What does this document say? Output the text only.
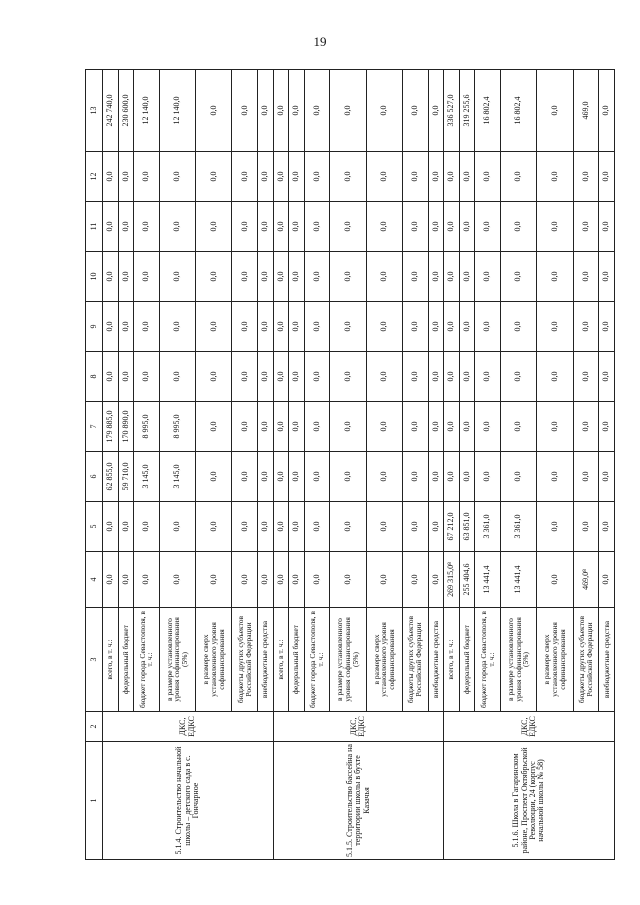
19
1	2	3	4	5	6	7	8	9	10	11	12	13
5.1.4. Строительство начальной школы – детского сада в с. Гончарное	ДКС, ЕДКС	всего, в т. ч.:	0,0	0,0	62 855,0	179 885,0	0,0	0,0	0,0	0,0	0,0	242 740,0
		федеральный бюджет	0,0	0,0	59 710,0	170 890,0	0,0	0,0	0,0	0,0	0,0	230 600,0
		бюджет города Севастополя, в т. ч.:	0,0	0,0	3 145,0	8 995,0	0,0	0,0	0,0	0,0	0,0	12 140,0
		в размере установленного уровня софинансирования (5%)	0,0	0,0	3 145,0	8 995,0	0,0	0,0	0,0	0,0	0,0	12 140,0
		в размере сверх установленного уровня софинансирования	0,0	0,0	0,0	0,0	0,0	0,0	0,0	0,0	0,0	0,0
		бюджеты других субъектов Российской Федерации	0,0	0,0	0,0	0,0	0,0	0,0	0,0	0,0	0,0	0,0
		внебюджетные средства	0,0	0,0	0,0	0,0	0,0	0,0	0,0	0,0	0,0	0,0
5.1.5. Строительство бассейна на территории школы в бухте Казачья	ДКС, ЕДКС	всего, в т. ч.:	0,0	0,0	0,0	0,0	0,0	0,0	0,0	0,0	0,0	0,0
		федеральный бюджет	0,0	0,0	0,0	0,0	0,0	0,0	0,0	0,0	0,0	0,0
		бюджет города Севастополя, в т. ч.:	0,0	0,0	0,0	0,0	0,0	0,0	0,0	0,0	0,0	0,0
		в размере установленного уровня софинансирования (5%)	0,0	0,0	0,0	0,0	0,0	0,0	0,0	0,0	0,0	0,0
		в размере сверх установленного уровня софинансирования	0,0	0,0	0,0	0,0	0,0	0,0	0,0	0,0	0,0	0,0
		бюджеты других субъектов Российской Федерации	0,0	0,0	0,0	0,0	0,0	0,0	0,0	0,0	0,0	0,0
		внебюджетные средства	0,0	0,0	0,0	0,0	0,0	0,0	0,0	0,0	0,0	0,0
5.1.6. Школа в Гагаринском районе, Проспект Октябрьской Революции, 24 (корпус начальной школы № 58)	ДКС, ЕДКС	всего, в т. ч.:	269 315,0⁸	67 212,0	0,0	0,0	0,0	0,0	0,0	0,0	0,0	336 527,0
		федеральный бюджет	255 404,6	63 851,0	0,0	0,0	0,0	0,0	0,0	0,0	0,0	319 255,6
		бюджет города Севастополя, в т. ч.:	13 441,4	3 361,0	0,0	0,0	0,0	0,0	0,0	0,0	0,0	16 802,4
		в размере установленного уровня софинансирования (5%)	13 441,4	3 361,0	0,0	0,0	0,0	0,0	0,0	0,0	0,0	16 802,4
		в размере сверх установленного уровня софинансирования	0,0	0,0	0,0	0,0	0,0	0,0	0,0	0,0	0,0	0,0
		бюджеты других субъектов Российской Федерации	469,0⁸	0,0	0,0	0,0	0,0	0,0	0,0	0,0	0,0	469,0
		внебюджетные средства	0,0	0,0	0,0	0,0	0,0	0,0	0,0	0,0	0,0	0,0
